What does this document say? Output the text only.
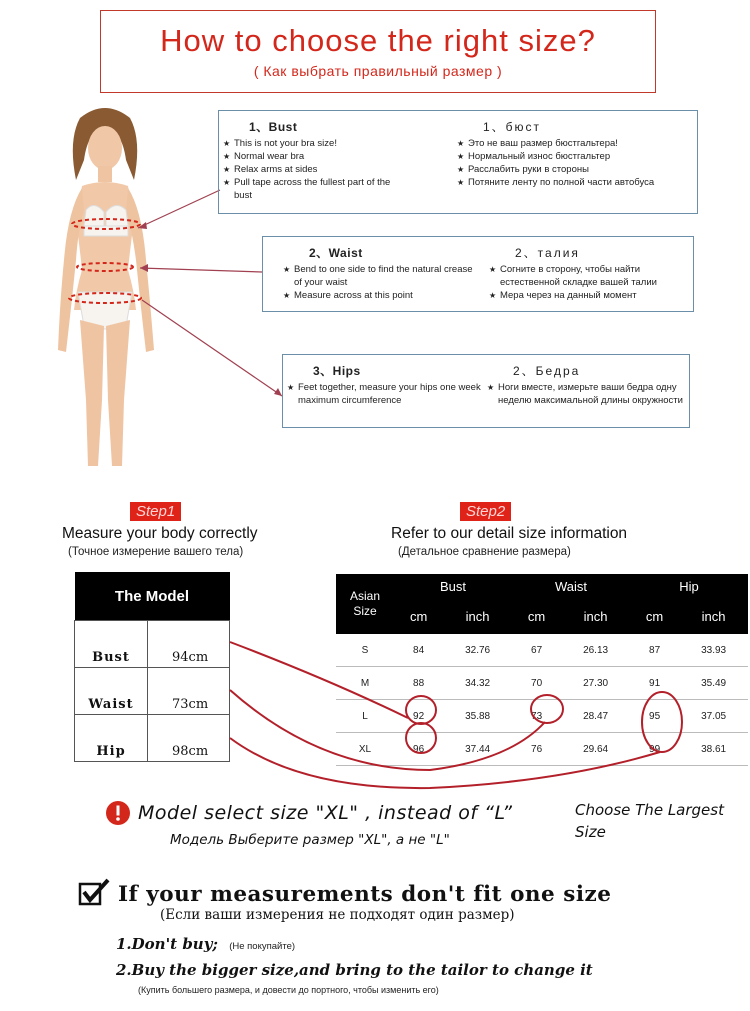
How to choose the right size?
( Как выбрать правильный размер )
1、Bust
★ This is not your bra size!
★ Normal wear bra
★ Relax arms at sides
★ Pull tape across the fullest part of the bust
1、бюст
★ Это не ваш размер бюстгальтера!
★ Нормальный износ бюстгальтер
★ Расслабить руки в стороны
★ Потяните ленту по полной части автобуса
2、Waist
★ Bend to one side to find the natural crease of your waist
★ Measure across at this point
2、талия
★ Согните в сторону, чтобы найти естественной складке вашей талии
★ Мера через на данный момент
3、Hips
★ Feet together, measure your hips one week maximum circumference
2、Бедра
★ Ноги вместе, измерьте ваши бедра одну неделю максимальной длины окружности
Step1
Measure your body correctly
(Точное измерение вашего тела)
Step2
Refer to our detail size information
(Детальное сравнение размера)
The Model	
Bust	94cm
Waist	73cm
Hip	98cm
Asian Size	Bust		Waist		Hip	
	cm	inch	cm	inch	cm	inch
S	84	32.76	67	26.13	87	33.93
M	88	34.32	70	27.30	91	35.49
L	92	35.88	73	28.47	95	37.05
XL	96	37.44	76	29.64	99	38.61
Model select size "XL" , instead of “L”
Модель Выберите размер "XL", а не "L"
Choose The Largest
Size
If your measurements don't fit one size
(Если ваши измерения не подходят один размер)
1.Don't buy; (Не покупайте)
2.Buy the bigger size,and bring to the tailor to change it
(Купить большего размера, и довести до портного, чтобы изменить его)
